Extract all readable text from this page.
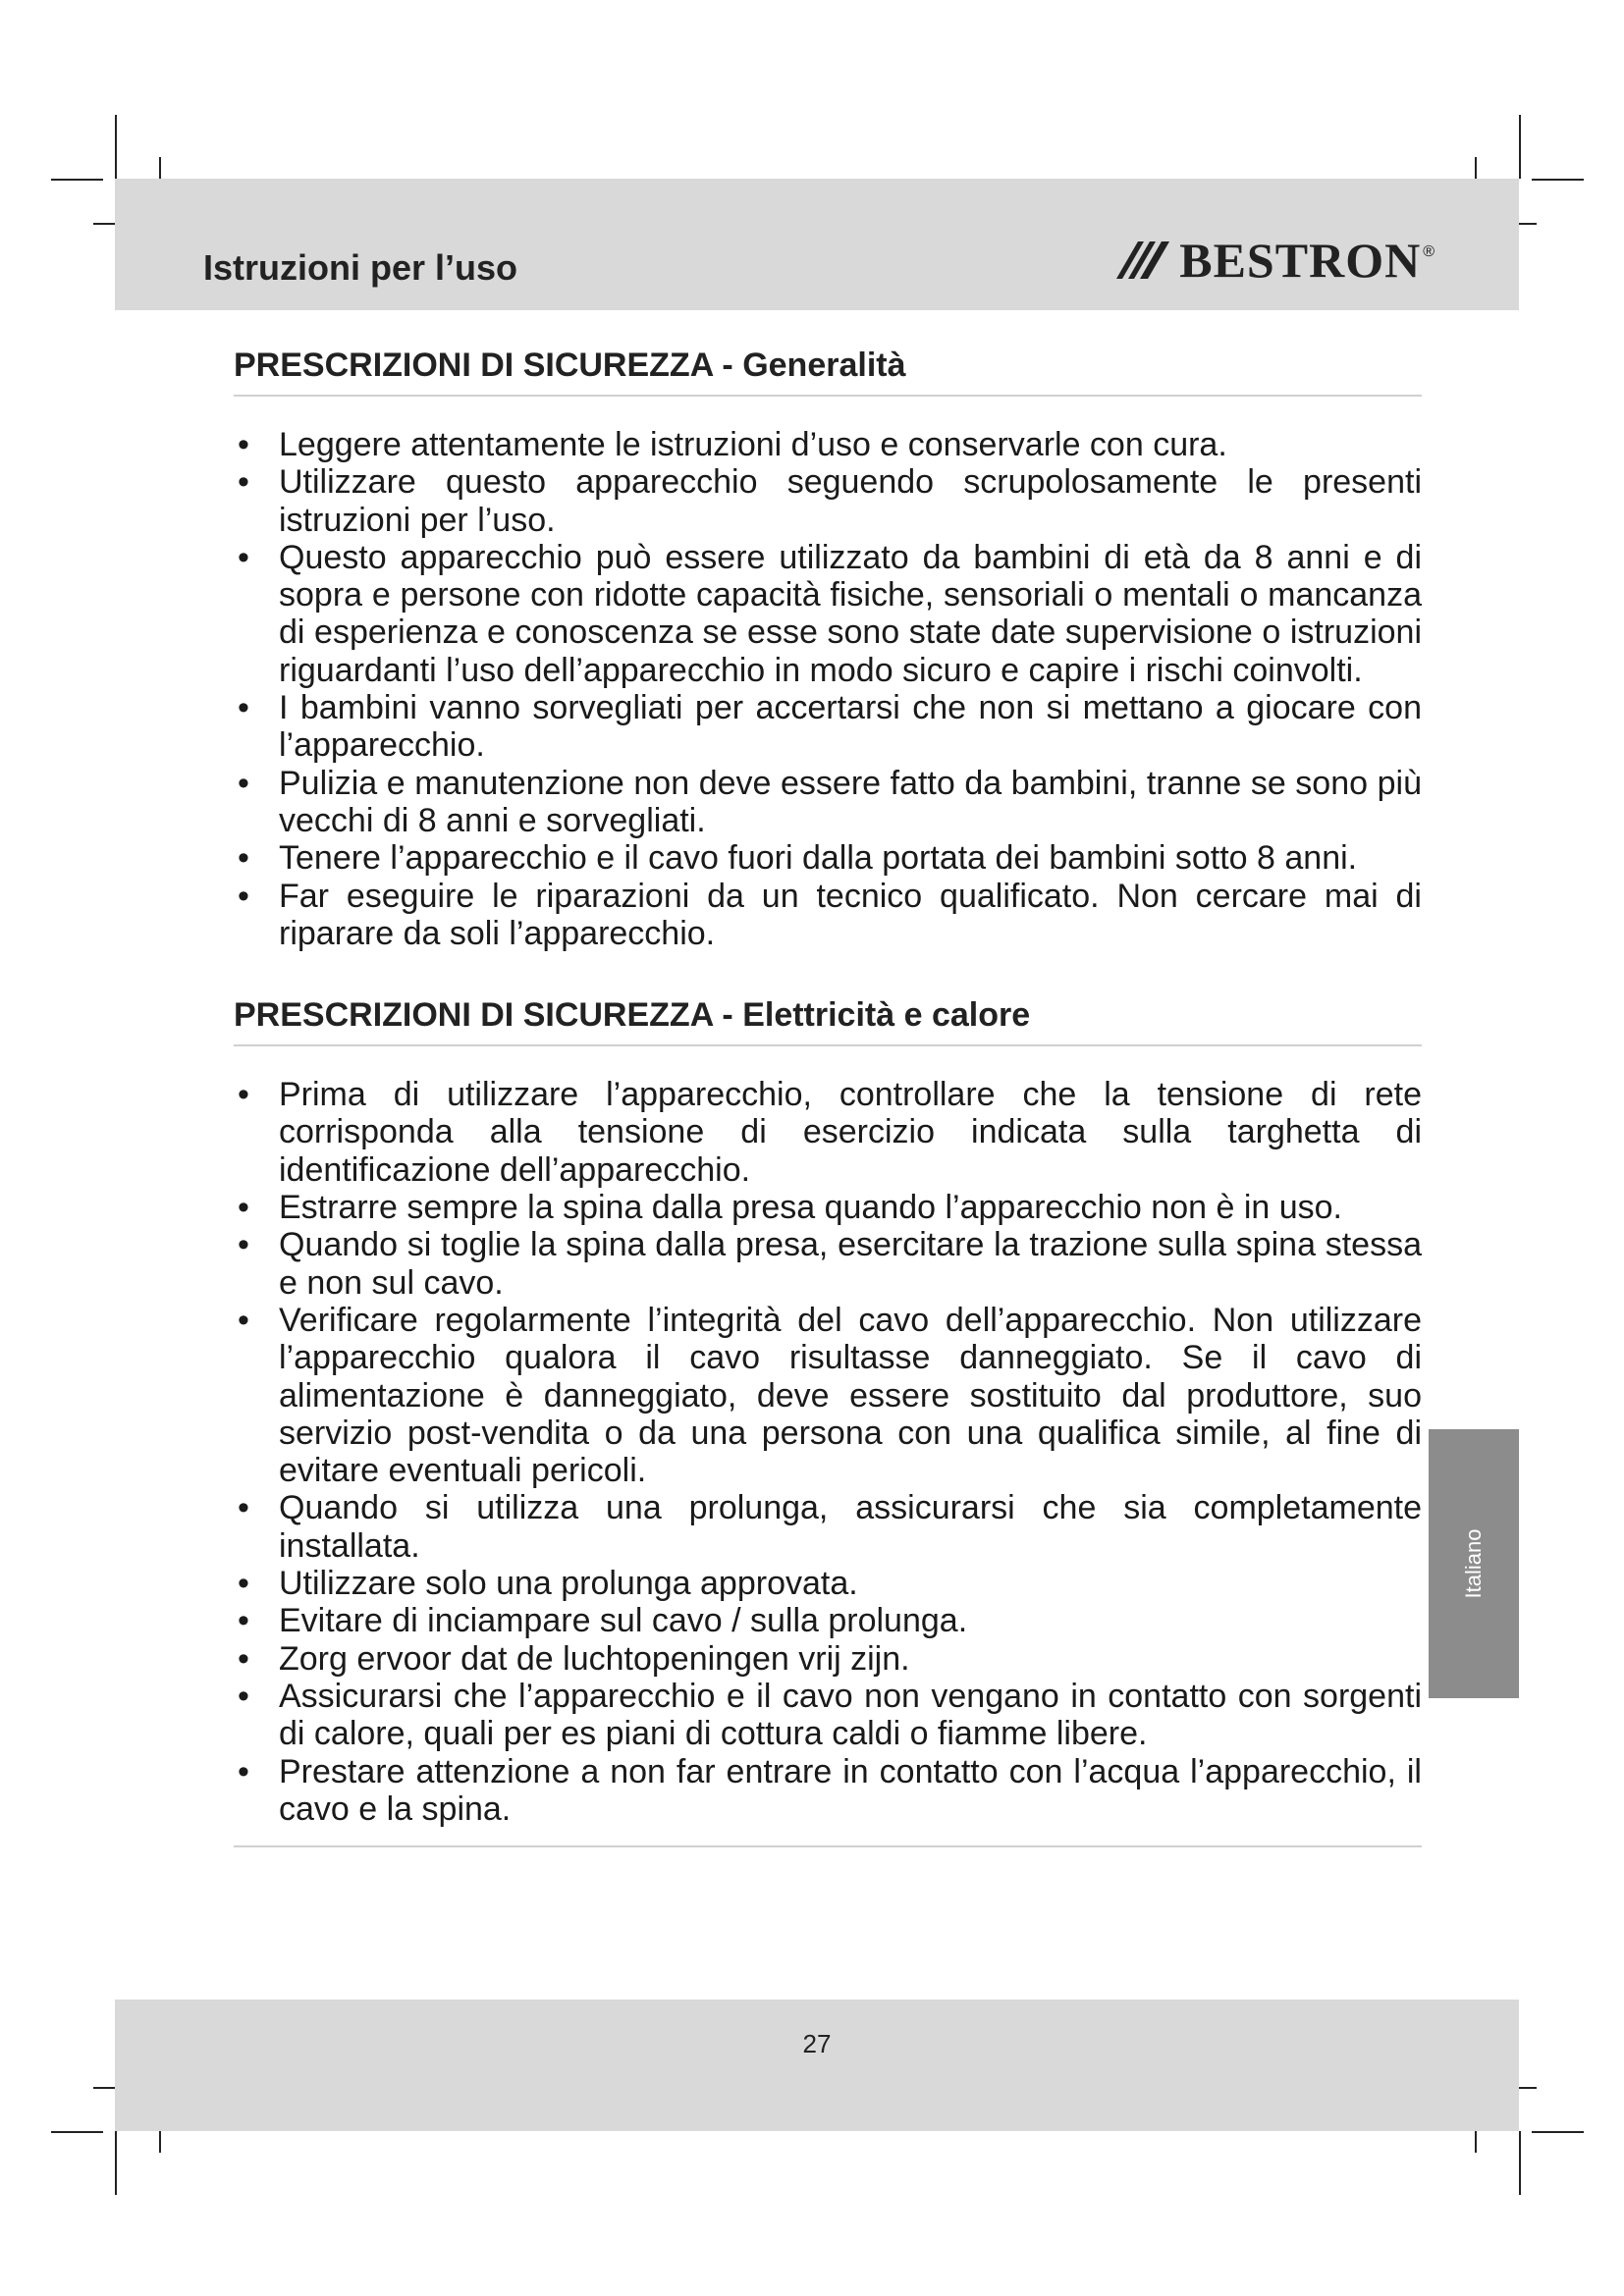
Istruzioni per l’uso	BESTRON ®
PRESCRIZIONI DI SICUREZZA - Generalità
• Leggere attentamente le istruzioni d’uso e conservarle con cura.
• Utilizzare questo apparecchio seguendo scrupolosamente le presenti istruzioni per l’uso.
• Questo apparecchio può essere utilizzato da bambini di età da 8 anni e di sopra e persone con ridotte capacità fisiche, sensoriali o mentali o mancanza di esperienza e conoscenza se esse sono state date supervisione o istruzioni riguardanti l’uso dell’apparecchio in modo sicuro e capire i rischi coinvolti.
• I bambini vanno sorvegliati per accertarsi che non si mettano a giocare con l’apparecchio.
• Pulizia e manutenzione non deve essere fatto da bambini, tranne se sono più vecchi di 8 anni e sorvegliati.
• Tenere l’apparecchio e il cavo fuori dalla portata dei bambini sotto 8 anni.
• Far eseguire le riparazioni da un tecnico qualificato. Non cercare mai di riparare da soli l’apparecchio.
PRESCRIZIONI DI SICUREZZA - Elettricità e calore
• Prima di utilizzare l’apparecchio, controllare che la tensione di rete corrisponda alla tensione di esercizio indicata sulla targhetta di identificazione dell’apparecchio.
• Estrarre sempre la spina dalla presa quando l’apparecchio non è in uso.
• Quando si toglie la spina dalla presa, esercitare la trazione sulla spina stessa e non sul cavo.
• Verificare regolarmente l’integrità del cavo dell’apparecchio. Non utilizzare l’apparecchio qualora il cavo risultasse danneggiato. Se il cavo di alimentazione è danneggiato, deve essere sostituito dal produttore, suo servizio post-vendita o da una persona con una qualifica simile, al fine di evitare eventuali pericoli.
• Quando si utilizza una prolunga, assicurarsi che sia completamente installata.
• Utilizzare solo una prolunga approvata.
• Evitare di inciampare sul cavo / sulla prolunga.
• Zorg ervoor dat de luchtopeningen vrij zijn.
• Assicurarsi che l’apparecchio e il cavo non vengano in contatto con sorgenti di calore, quali per es piani di cottura caldi o fiamme libere.
• Prestare attenzione a non far entrare in contatto con l’acqua l’apparecchio, il cavo e la spina.
Italiano
27
